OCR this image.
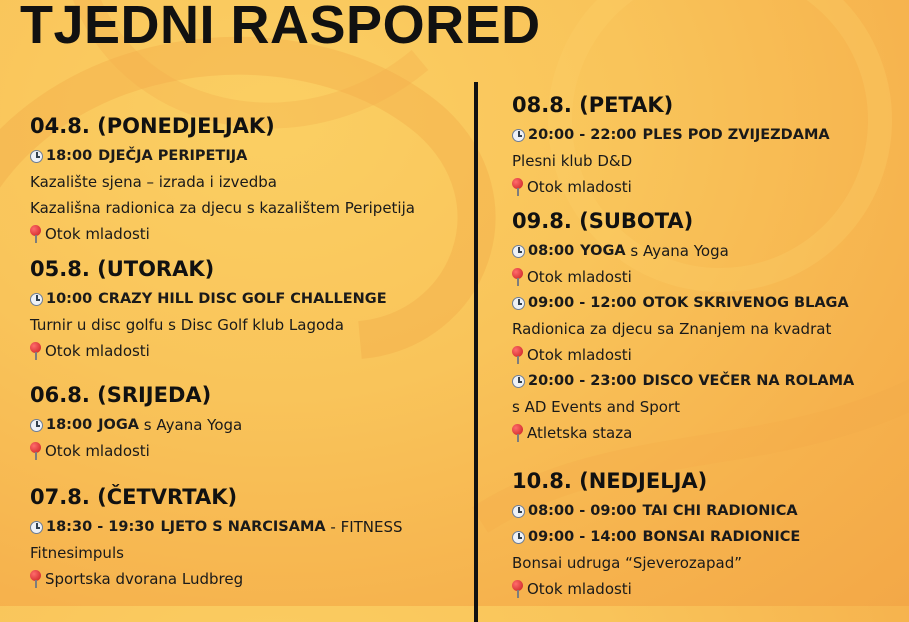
TJEDNI RASPORED
04.8. (PONEDJELJAK)
18:00 DJEČJA PERIPETIJA
Kazalište sjena – izrada i izvedba
Kazališna radionica za djecu s kazalištem Peripetija
Otok mladosti
05.8. (UTORAK)
10:00 CRAZY HILL DISC GOLF CHALLENGE
Turnir u disc golfu s Disc Golf klub Lagoda
Otok mladosti
06.8. (SRIJEDA)
18:00 JOGA
s Ayana Yoga
Otok mladosti
07.8. (ČETVRTAK)
18:30 - 19:30 LJETO S NARCISAMA
- FITNESS
Fitnesimpuls
Sportska dvorana Ludbreg
08.8. (PETAK)
20:00 - 22:00 PLES POD ZVIJEZDAMA
Plesni klub D&D
Otok mladosti
09.8. (SUBOTA)
08:00 YOGA
s Ayana Yoga
Otok mladosti
09:00 - 12:00 OTOK SKRIVENOG BLAGA
Radionica za djecu sa Znanjem na kvadrat
Otok mladosti
20:00 - 23:00 DISCO VEČER NA ROLAMA
s AD Events and Sport
Atletska staza
10.8. (NEDJELJA)
08:00 - 09:00 TAI CHI RADIONICA
09:00 - 14:00 BONSAI RADIONICE
Bonsai udruga “Sjeverozapad”
Otok mladosti
